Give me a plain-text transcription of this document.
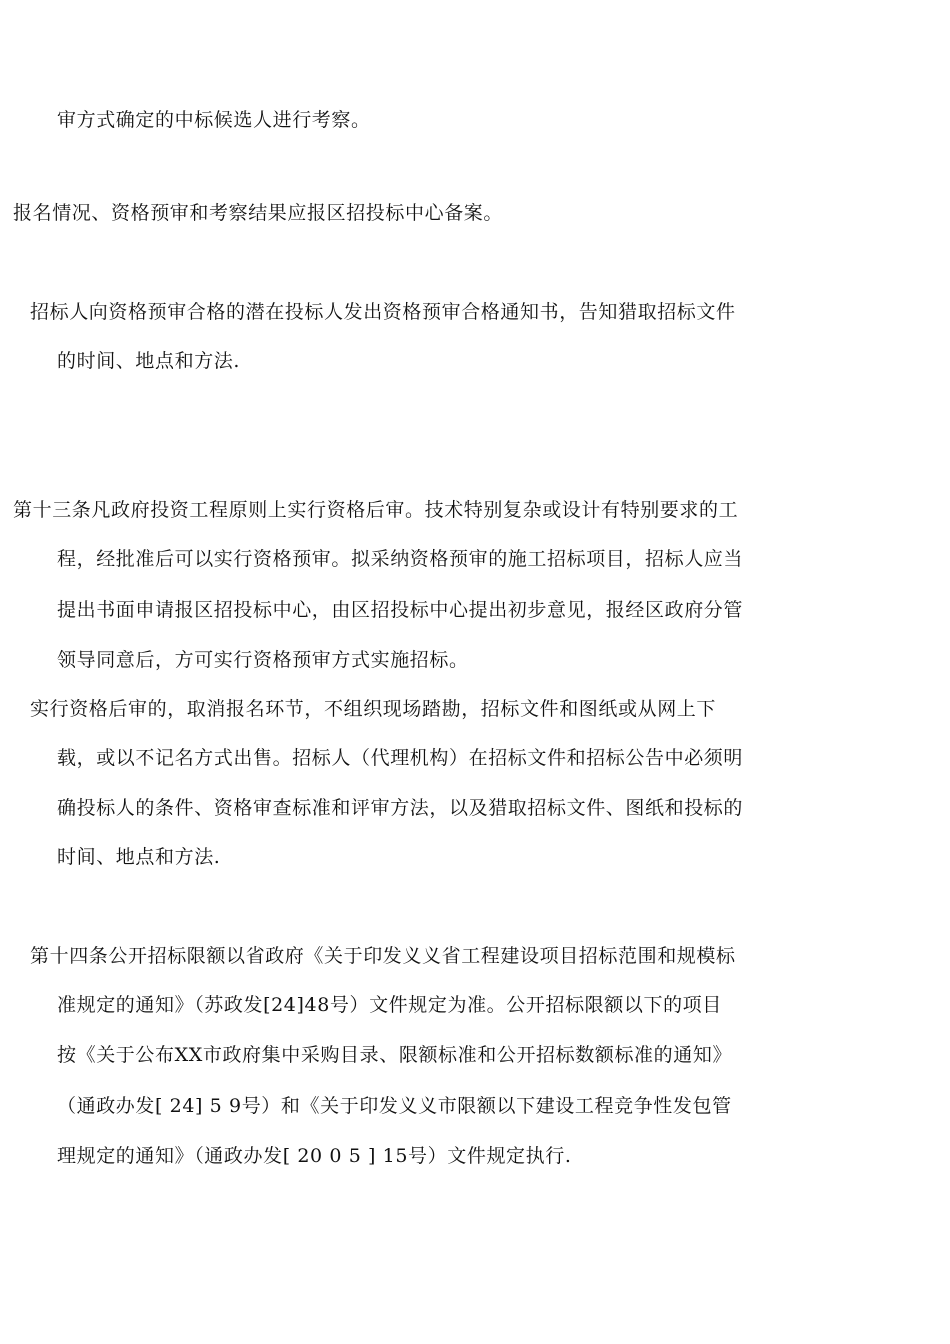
审方式确定的中标候选人进行考察。
报名情况、资格预审和考察结果应报区招投标中心备案。
招标人向资格预审合格的潜在投标人发出资格预审合格通知书，告知猎取招标文件
的时间、地点和方法.
第十三条凡政府投资工程原则上实行资格后审。技术特别复杂或设计有特别要求的工
程，经批准后可以实行资格预审。拟采纳资格预审的施工招标项目，招标人应当
提出书面申请报区招投标中心，由区招投标中心提出初步意见，报经区政府分管
领导同意后，方可实行资格预审方式实施招标。
实行资格后审的，取消报名环节，不组织现场踏勘，招标文件和图纸或从网上下
载，或以不记名方式出售。招标人（代理机构）在招标文件和招标公告中必须明
确投标人的条件、资格审查标准和评审方法，以及猎取招标文件、图纸和投标的
时间、地点和方法.
第十四条公开招标限额以省政府《关于印发义义省工程建设项目招标范围和规模标
准规定的通知》（苏政发[24]48号）文件规定为准。公开招标限额以下的项目
按《关于公布XX市政府集中采购目录、限额标准和公开招标数额标准的通知》
（通政办发[ 24] 5 9号）和《关于印发义义市限额以下建设工程竞争性发包管
理规定的通知》（通政办发[ 20 0 5 ] 15号）文件规定执行.
